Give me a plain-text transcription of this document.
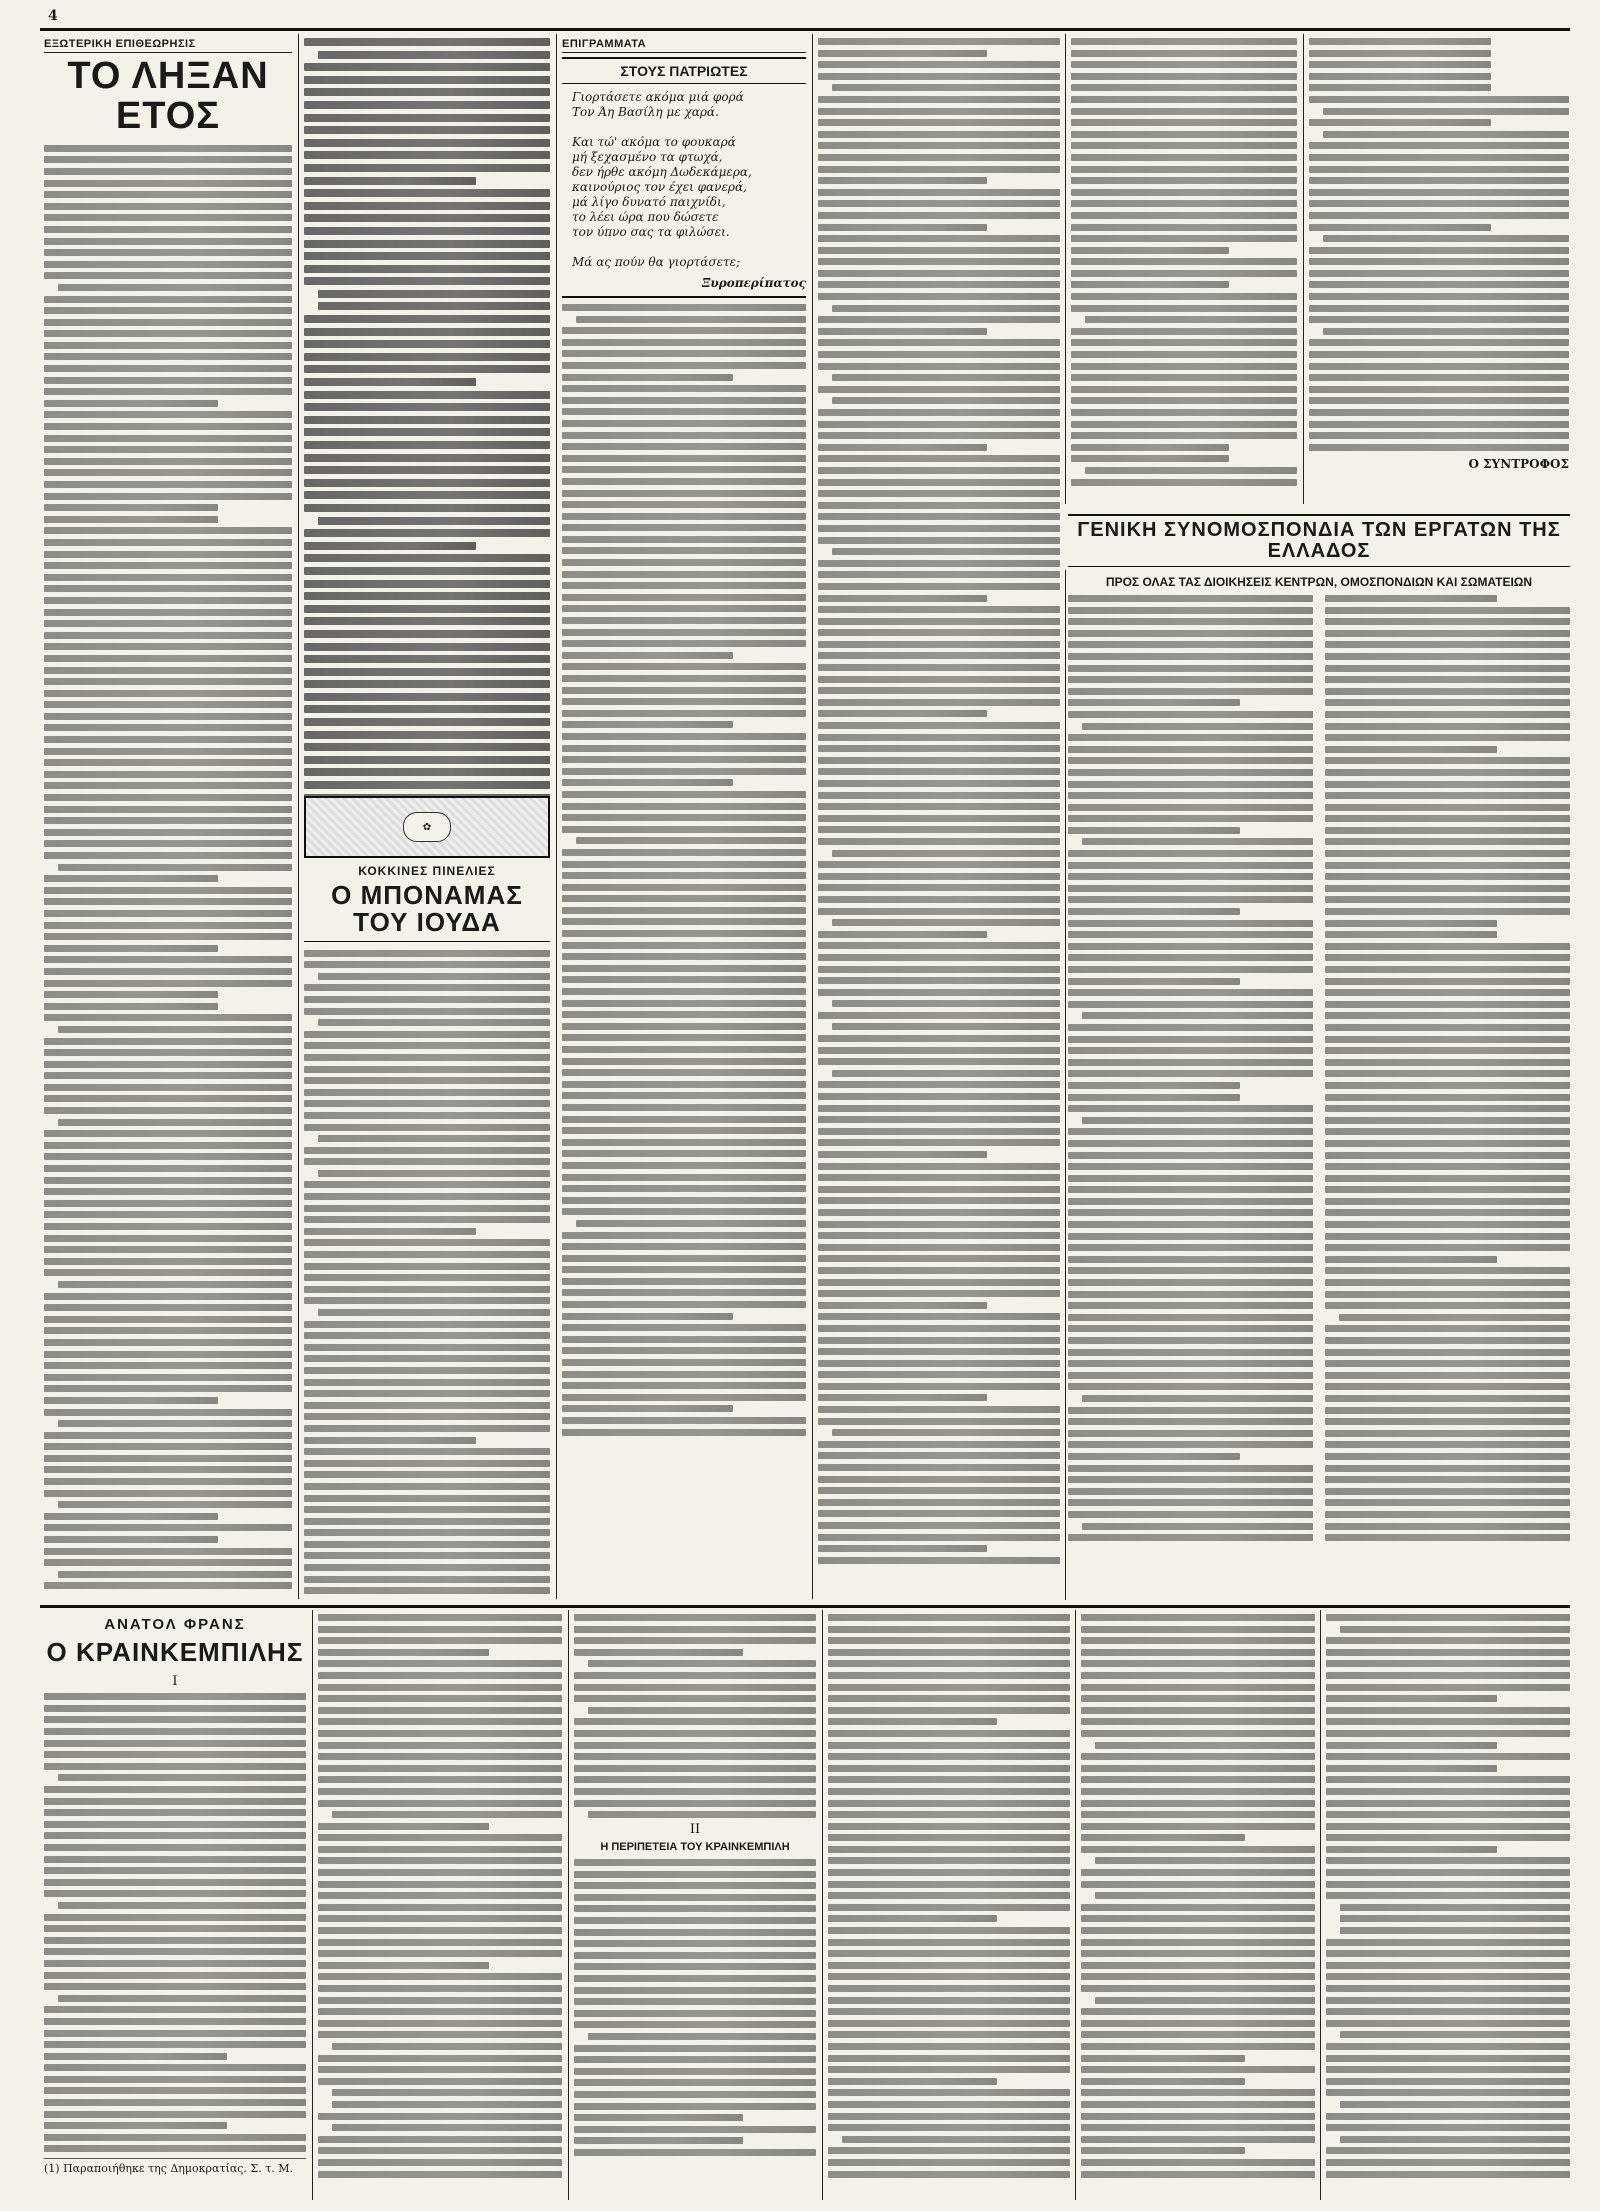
4
ΕΞΩΤΕΡΙΚΗ ΕΠΙΘΕΩΡΗΣΙΣ
ΤΟ ΛΗΞΑΝ ΕΤΟΣ
✿
ΚΟΚΚΙΝΕΣ ΠΙΝΕΛΙΕΣ
Ο ΜΠΟΝΑΜΑΣ ΤΟΥ ΙΟΥΔΑ
ΕΠΙΓΡΑΜΜΑΤΑ
ΣΤΟΥΣ ΠΑΤΡΙΩΤΕΣ
Γιορτάσετε ακόμα μιά φορά
Τον Άη Βασίλη με χαρά.

Και τώ' ακόμα το φουκαρά
μή ξεχασμένο τα φτωχά,
δεν ήρθε ακόμη Δωδεκάμερα,
καινούριος τον έχει φανερά,
μά λίγο δυνατό παιχνίδι,
το λέει ώρα που δώσετε
τον ύπνο σας τα φιλώσει.

Μά ας πούν θα γιορτάσετε;
Ξυροπερίπατος
Ο ΣΥΝΤΡΟΦΟΣ
ΓΕΝΙΚΗ ΣΥΝΟΜΟΣΠΟΝΔΙΑ ΤΩΝ ΕΡΓΑΤΩΝ ΤΗΣ ΕΛΛΑΔΟΣ
ΠΡΟΣ ΟΛΑΣ ΤΑΣ ΔΙΟΙΚΗΣΕΙΣ ΚΕΝΤΡΩΝ, ΟΜΟΣΠΟΝΔΙΩΝ ΚΑΙ ΣΩΜΑΤΕΙΩΝ
ΑΝΑΤΟΛ ΦΡΑΝΣ
Ο ΚΡΑΙΝΚΕΜΠΙΛΗΣ
Ι
(1) Παραποιήθηκε της Δημοκρατίας. Σ. τ. Μ.
ΙΙ
Η ΠΕΡΙΠΕΤΕΙΑ ΤΟΥ ΚΡΑΙΝΚΕΜΠΙΛΗ
